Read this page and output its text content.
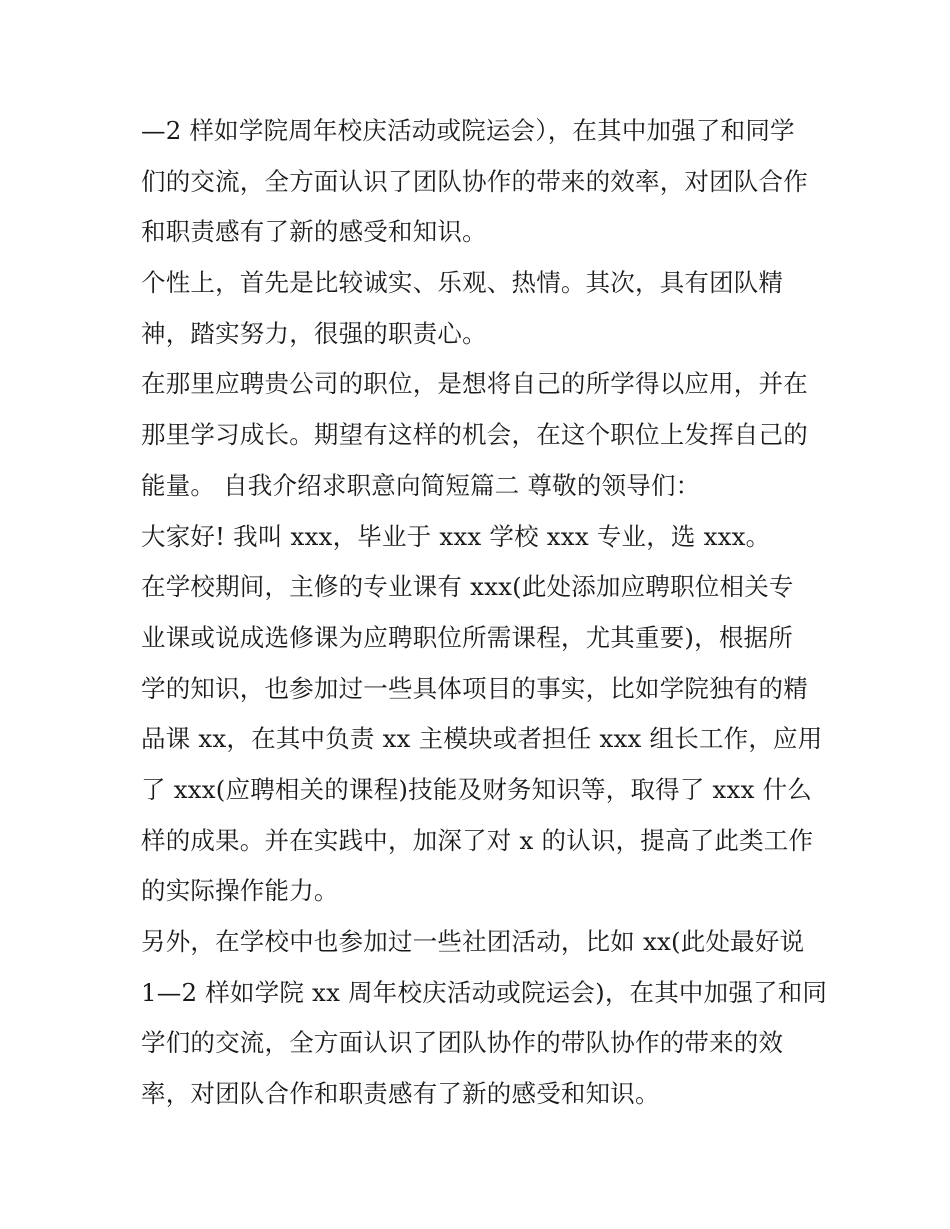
—2 样如学院周年校庆活动或院运会），在其中加强了和同学
们的交流，全方面认识了团队协作的带来的效率，对团队合作
和职责感有了新的感受和知识。
个性上，首先是比较诚实、乐观、热情。其次，具有团队精
神，踏实努力，很强的职责心。
在那里应聘贵公司的职位，是想将自己的所学得以应用，并在
那里学习成长。期望有这样的机会，在这个职位上发挥自己的
能量。 自我介绍求职意向简短篇二 尊敬的领导们：
大家好! 我叫 xxx，毕业于 xxx 学校 xxx 专业，选 xxx。
在学校期间，主修的专业课有 xxx(此处添加应聘职位相关专
业课或说成选修课为应聘职位所需课程，尤其重要)，根据所
学的知识，也参加过一些具体项目的事实，比如学院独有的精
品课 xx，在其中负责 xx 主模块或者担任 xxx 组长工作，应用
了 xxx(应聘相关的课程)技能及财务知识等，取得了 xxx 什么
样的成果。并在实践中，加深了对 x 的认识，提高了此类工作
的实际操作能力。
另外，在学校中也参加过一些社团活动，比如 xx(此处最好说
1—2 样如学院 xx 周年校庆活动或院运会)，在其中加强了和同
学们的交流，全方面认识了团队协作的带队协作的带来的效
率，对团队合作和职责感有了新的感受和知识。
